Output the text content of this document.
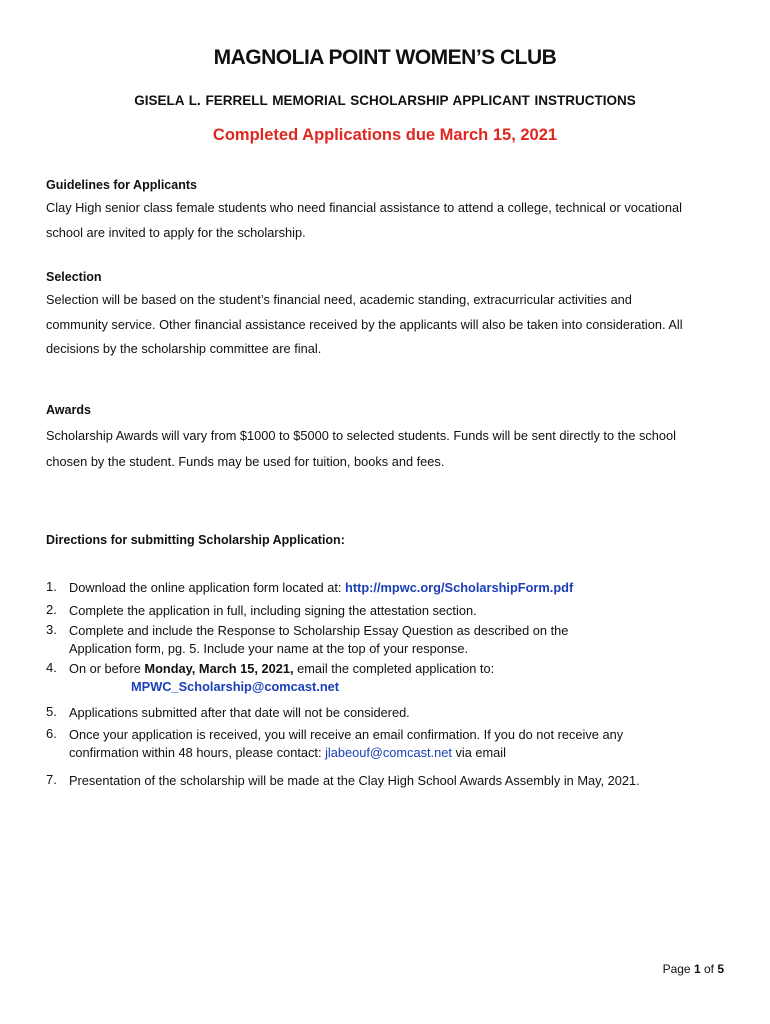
MAGNOLIA POINT WOMEN’S CLUB
GISELA L. FERRELL MEMORIAL SCHOLARSHIP APPLICANT INSTRUCTIONS
Completed Applications due March 15, 2021
Guidelines for Applicants
Clay High senior class female students who need financial assistance to attend a college, technical or vocational school are invited to apply for the scholarship.
Selection
Selection will be based on the student’s financial need, academic standing, extracurricular activities and community service. Other financial assistance received by the applicants will also be taken into consideration. All decisions by the scholarship committee are final.
Awards
Scholarship Awards will vary from $1000 to $5000 to selected students. Funds will be sent directly to the school chosen by the student. Funds may be used for tuition, books and fees.
Directions for submitting Scholarship Application:
1. Download the online application form located at: http://mpwc.org/ScholarshipForm.pdf
2. Complete the application in full, including signing the attestation section.
3. Complete and include the Response to Scholarship Essay Question as described on the Application form, pg. 5. Include your name at the top of your response.
4. On or before Monday, March 15, 2021, email the completed application to:
MPWC_Scholarship@comcast.net
5. Applications submitted after that date will not be considered.
6. Once your application is received, you will receive an email confirmation. If you do not receive any confirmation within 48 hours, please contact: jlabeouf@comcast.net via email
7. Presentation of the scholarship will be made at the Clay High School Awards Assembly in May, 2021.
Page 1 of 5
